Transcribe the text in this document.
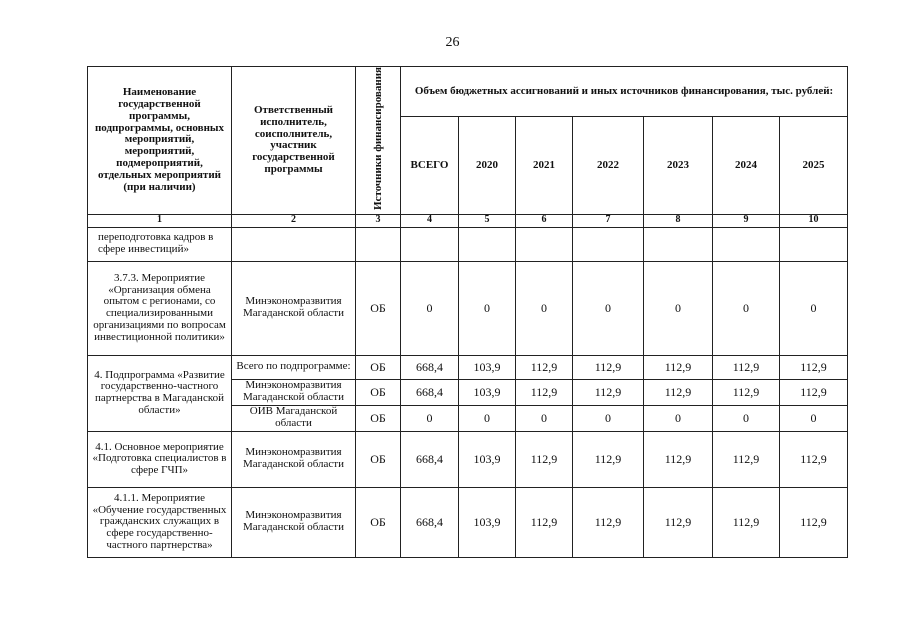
26
Наименование государственной программы, подпрограммы, основных мероприятий, мероприятий, подмероприятий, отдельных мероприятий (при наличии)	Ответственный исполнитель, соисполнитель, участник государственной программы	Источники финансирования	Объем бюджетных ассигнований и иных источников финансирования, тыс. рублей:						
			ВСЕГО	2020	2021	2022	2023	2024	2025
1	2	3	4	5	6	7	8	9	10
переподготовка кадров в сфере инвестиций»									
3.7.3. Мероприятие «Организация обмена опытом с регионами, со специализированными организациями по вопросам инвестиционной политики»	Минэкономразвития Магаданской области	ОБ	0	0	0	0	0	0	0
4. Подпрограмма «Развитие государственно-частного партнерства в Магаданской области»	Всего по подпрограмме:	ОБ	668,4	103,9	112,9	112,9	112,9	112,9	112,9
	Минэкономразвития Магаданской области	ОБ	668,4	103,9	112,9	112,9	112,9	112,9	112,9
	ОИВ Магаданской области	ОБ	0	0	0	0	0	0	0
4.1. Основное мероприятие «Подготовка специалистов в сфере ГЧП»	Минэкономразвития Магаданской области	ОБ	668,4	103,9	112,9	112,9	112,9	112,9	112,9
4.1.1. Мероприятие «Обучение государственных гражданских служащих в сфере государственно-частного партнерства»	Минэкономразвития Магаданской области	ОБ	668,4	103,9	112,9	112,9	112,9	112,9	112,9
